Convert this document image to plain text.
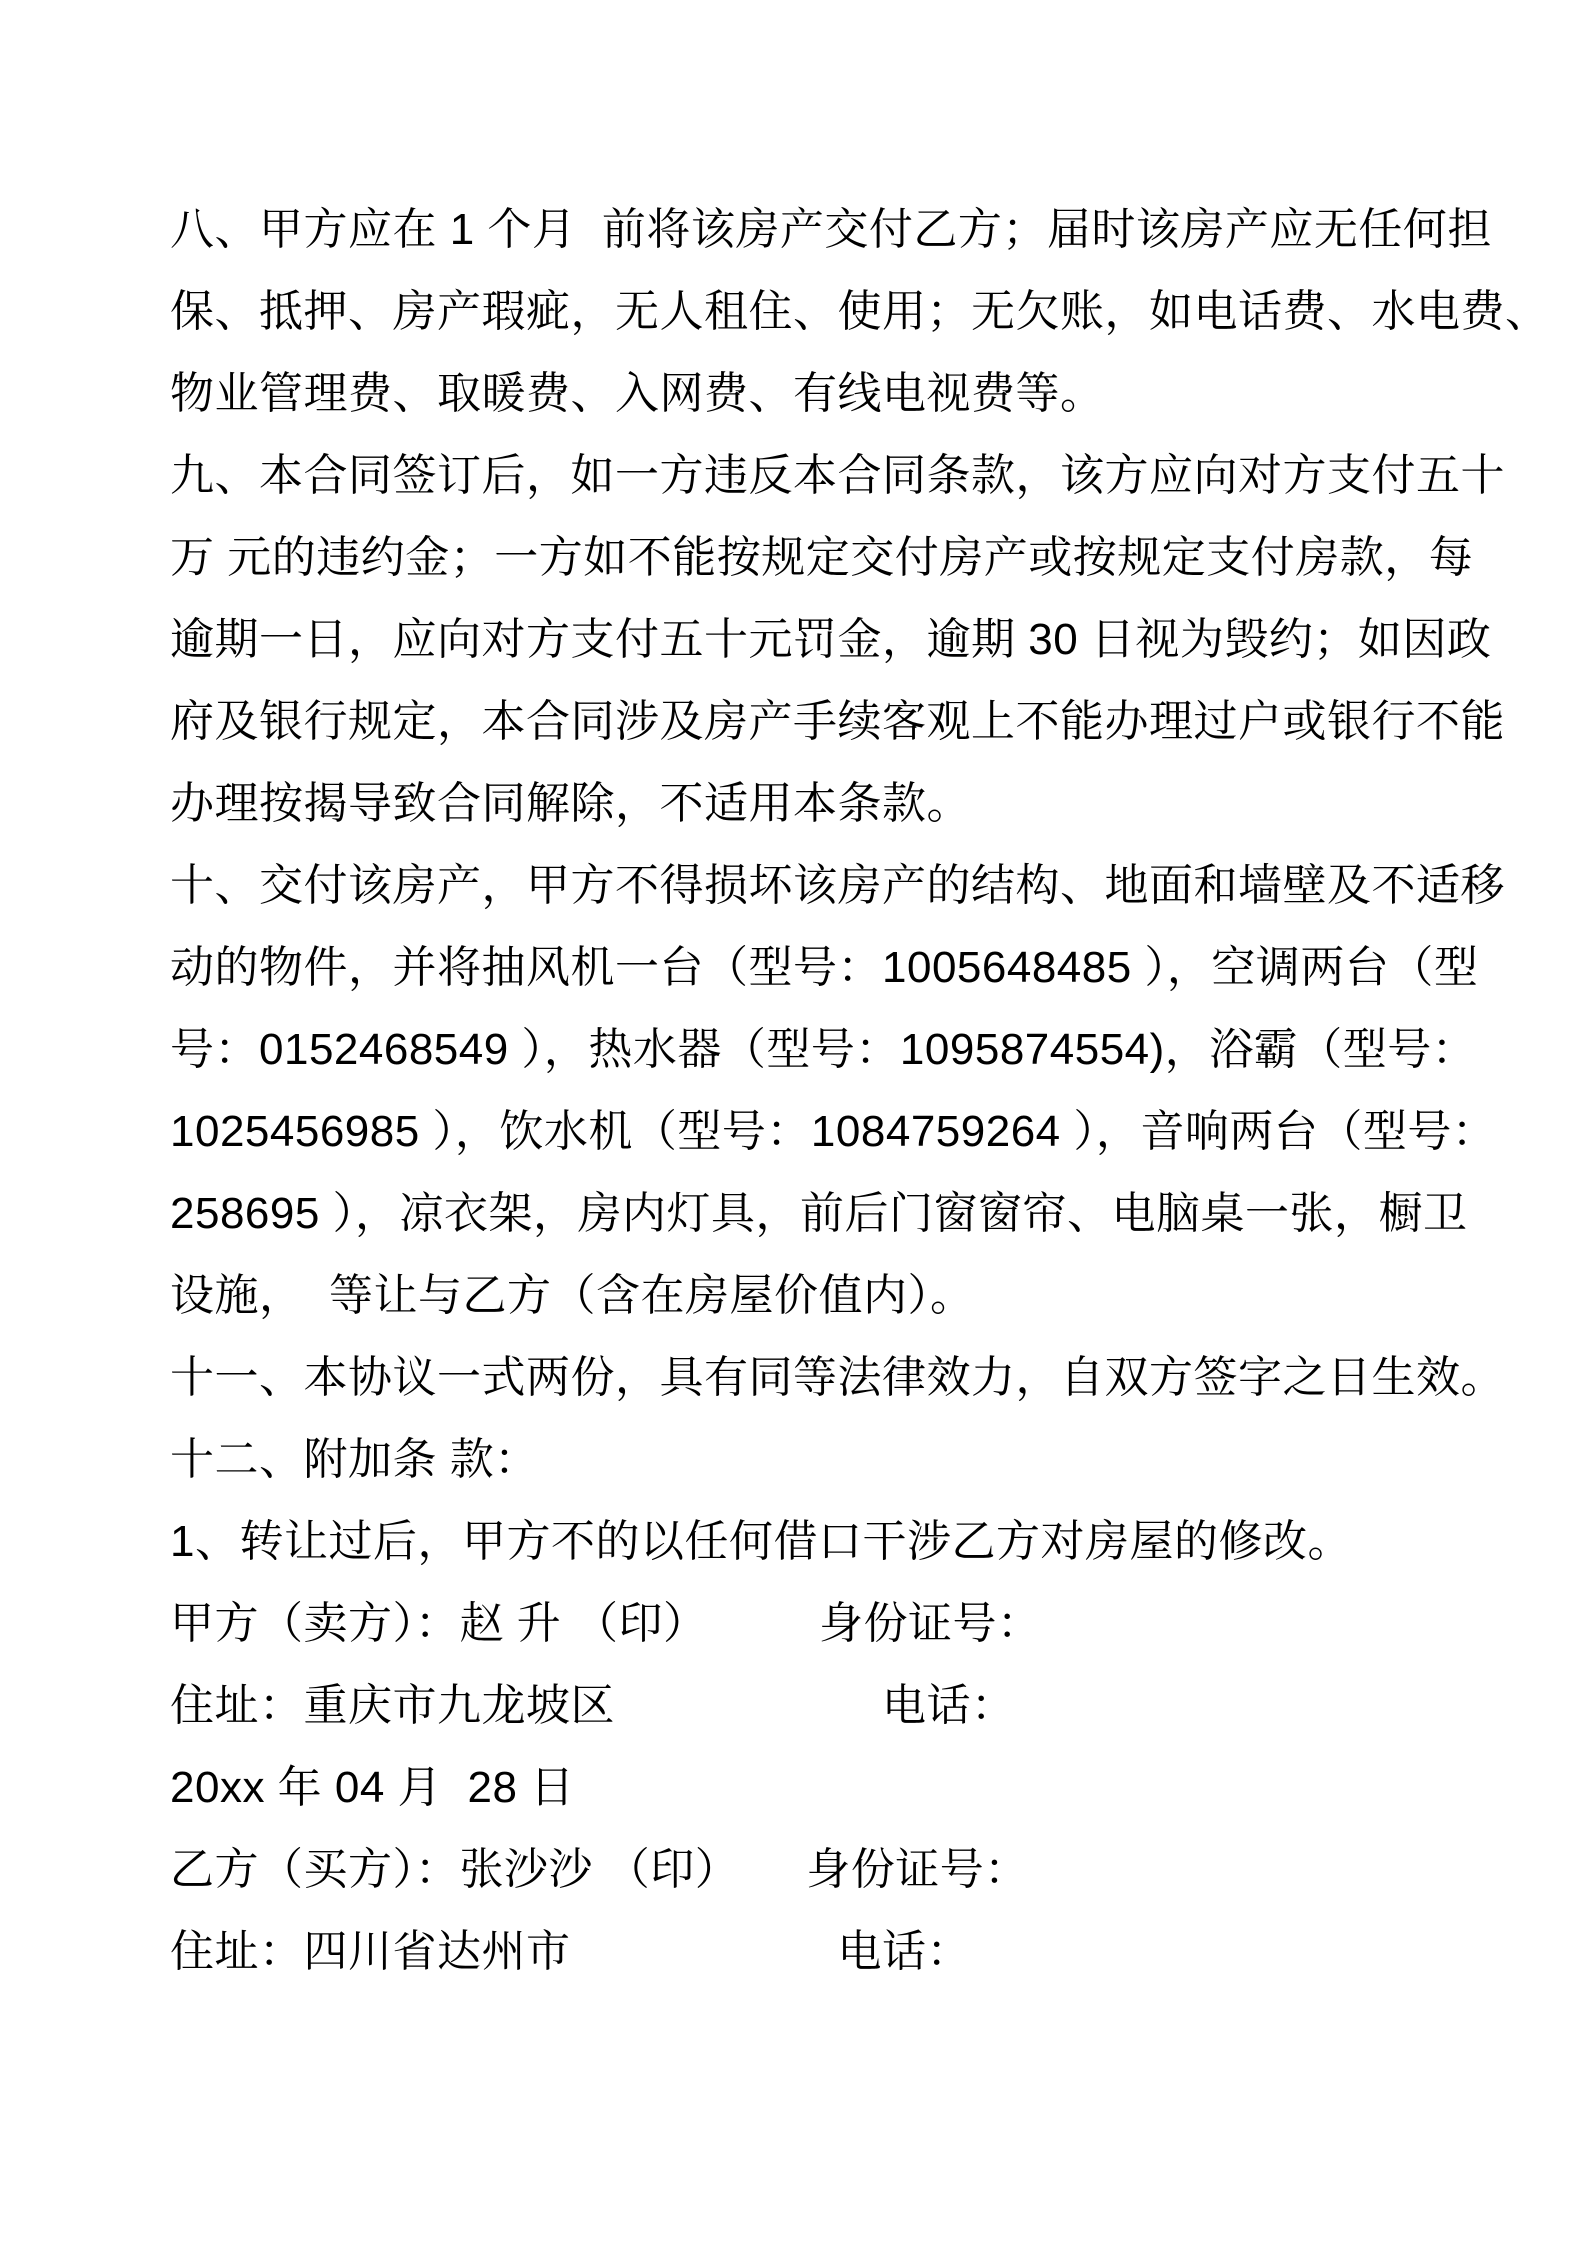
八、甲方应在 1 个月  前将该房产交付乙方；届时该房产应无任何担
保、抵押、房产瑕疵，无人租住、使用；无欠账，如电话费、水电费、
物业管理费、取暖费、入网费、有线电视费等。
九、本合同签订后，如一方违反本合同条款，该方应向对方支付五十
万 元的违约金；一方如不能按规定交付房产或按规定支付房款，每
逾期一日，应向对方支付五十元罚金，逾期 30 日视为毁约；如因政
府及银行规定，本合同涉及房产手续客观上不能办理过户或银行不能
办理按揭导致合同解除，不适用本条款。
十、交付该房产，甲方不得损坏该房产的结构、地面和墙壁及不适移
动的物件，并将抽风机一台（型号：1005648485 ），空调两台（型
号：0152468549 ），热水器（型号：1095874554)，浴霸（型号：
1025456985 ），饮水机（型号：1084759264 ），音响两台（型号：
258695 ），凉衣架，房内灯具，前后门窗窗帘、电脑桌一张，橱卫
设施，  等让与乙方（含在房屋价值内）。
十一、本协议一式两份，具有同等法律效力，自双方签字之日生效。
十二、附加条 款：
1、转让过后，甲方不的以任何借口干涉乙方对房屋的修改。
甲方（卖方）：赵 升 （印）　　　身份证号：
住址：重庆市九龙坡区　　　　　　电话：
20xx 年 04 月  28 日
乙方（买方）：张沙沙 （印）　　身份证号：
住址：四川省达州市　　　　　　电话：
